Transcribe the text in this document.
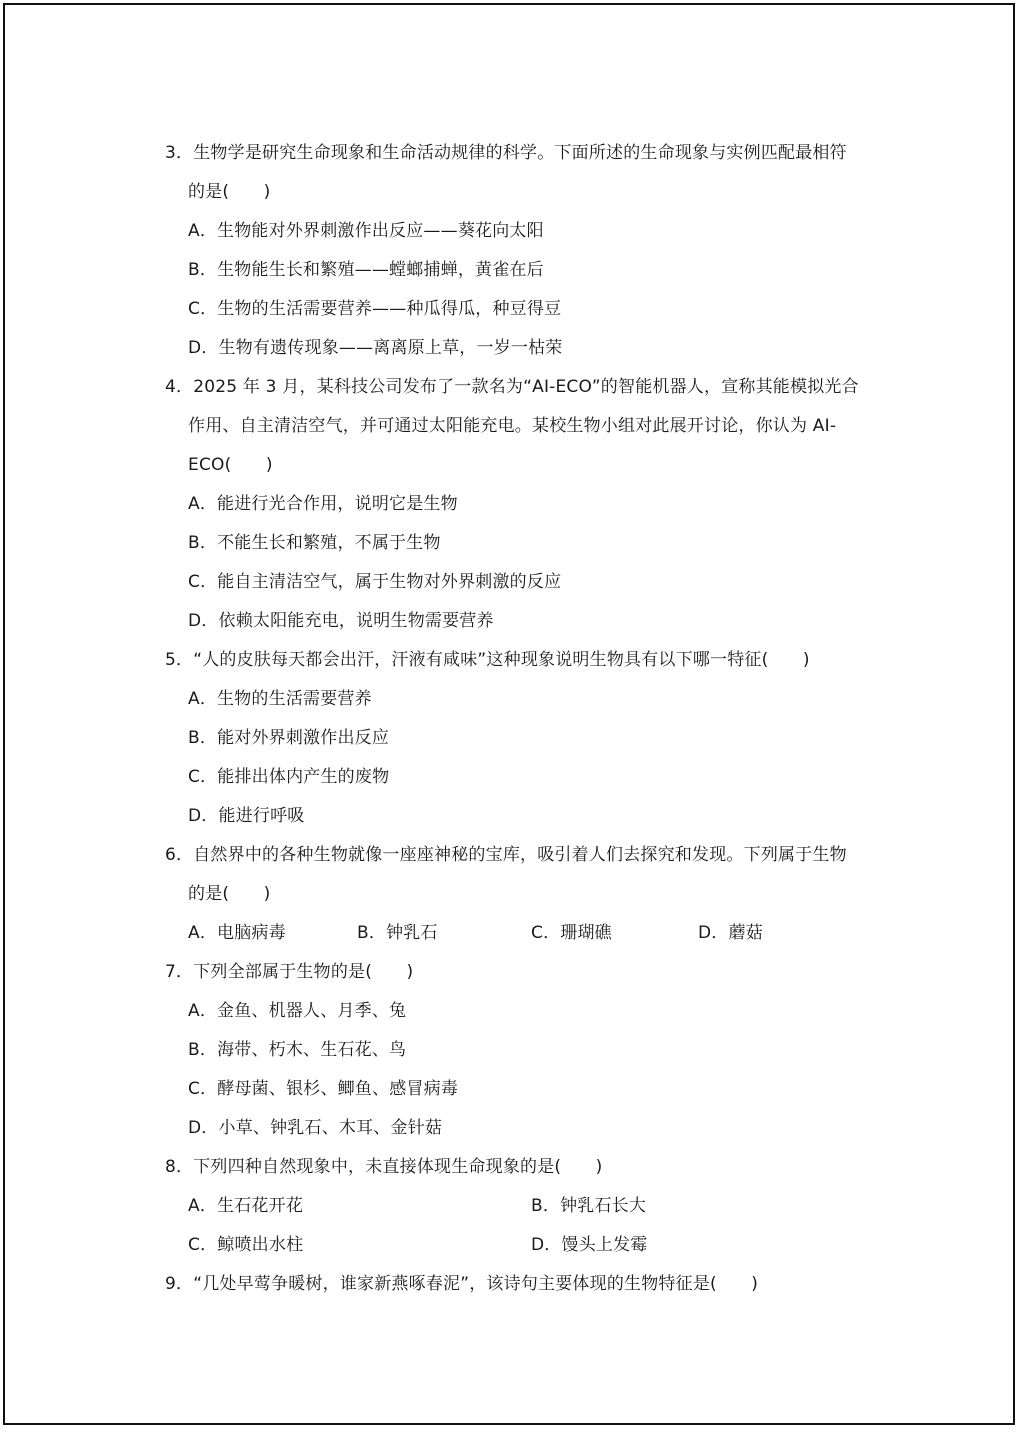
3．生物学是研究生命现象和生命活动规律的科学。下面所述的生命现象与实例匹配最相符
的是(　　)
A．生物能对外界刺激作出反应——葵花向太阳
B．生物能生长和繁殖——螳螂捕蝉，黄雀在后
C．生物的生活需要营养——种瓜得瓜，种豆得豆
D．生物有遗传现象——离离原上草，一岁一枯荣
4．2025 年 3 月，某科技公司发布了一款名为“AI-ECO”的智能机器人，宣称其能模拟光合
作用、自主清洁空气，并可通过太阳能充电。某校生物小组对此展开讨论，你认为 AI-
ECO(　　)
A．能进行光合作用，说明它是生物
B．不能生长和繁殖，不属于生物
C．能自主清洁空气，属于生物对外界刺激的反应
D．依赖太阳能充电，说明生物需要营养
5．“人的皮肤每天都会出汗，汗液有咸味”这种现象说明生物具有以下哪一特征(　　)
A．生物的生活需要营养
B．能对外界刺激作出反应
C．能排出体内产生的废物
D．能进行呼吸
6．自然界中的各种生物就像一座座神秘的宝库，吸引着人们去探究和发现。下列属于生物
的是(　　)
A．电脑病毒	B．钟乳石	C．珊瑚礁	D．蘑菇
7．下列全部属于生物的是(　　)
A．金鱼、机器人、月季、兔
B．海带、朽木、生石花、鸟
C．酵母菌、银杉、鲫鱼、感冒病毒
D．小草、钟乳石、木耳、金针菇
8．下列四种自然现象中，未直接体现生命现象的是(　　)
A．生石花开花	B．钟乳石长大
C．鲸喷出水柱	D．馒头上发霉
9．“几处早莺争暖树，谁家新燕啄春泥”，该诗句主要体现的生物特征是(　　)
